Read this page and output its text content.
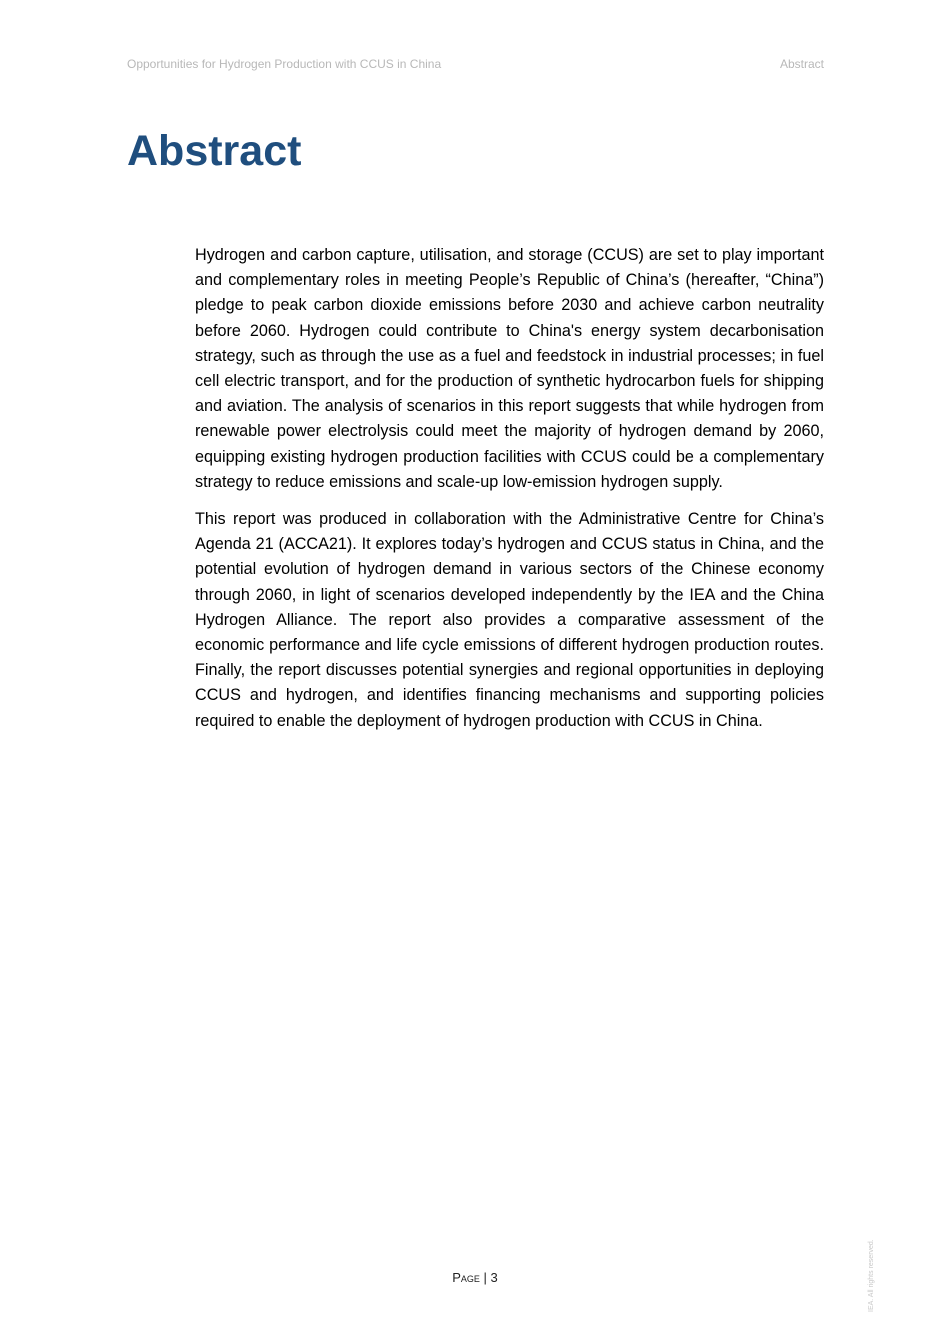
Opportunities for Hydrogen Production with CCUS in China	Abstract
Abstract

Hydrogen and carbon capture, utilisation, and storage (CCUS) are set to play important and complementary roles in meeting People’s Republic of China’s (hereafter, “China”) pledge to peak carbon dioxide emissions before 2030 and achieve carbon neutrality before 2060. Hydrogen could contribute to China's energy system decarbonisation strategy, such as through the use as a fuel and feedstock in industrial processes; in fuel cell electric transport, and for the production of synthetic hydrocarbon fuels for shipping and aviation. The analysis of scenarios in this report suggests that while hydrogen from renewable power electrolysis could meet the majority of hydrogen demand by 2060, equipping existing hydrogen production facilities with CCUS could be a complementary strategy to reduce emissions and scale-up low-emission hydrogen supply.

This report was produced in collaboration with the Administrative Centre for China’s Agenda 21 (ACCA21). It explores today’s hydrogen and CCUS status in China, and the potential evolution of hydrogen demand in various sectors of the Chinese economy through 2060, in light of scenarios developed independently by the IEA and the China Hydrogen Alliance. The report also provides a comparative assessment of the economic performance and life cycle emissions of different hydrogen production routes. Finally, the report discusses potential synergies and regional opportunities in deploying CCUS and hydrogen, and identifies financing mechanisms and supporting policies required to enable the deployment of hydrogen production with CCUS in China.

Page | 3	IEA. All rights reserved.
